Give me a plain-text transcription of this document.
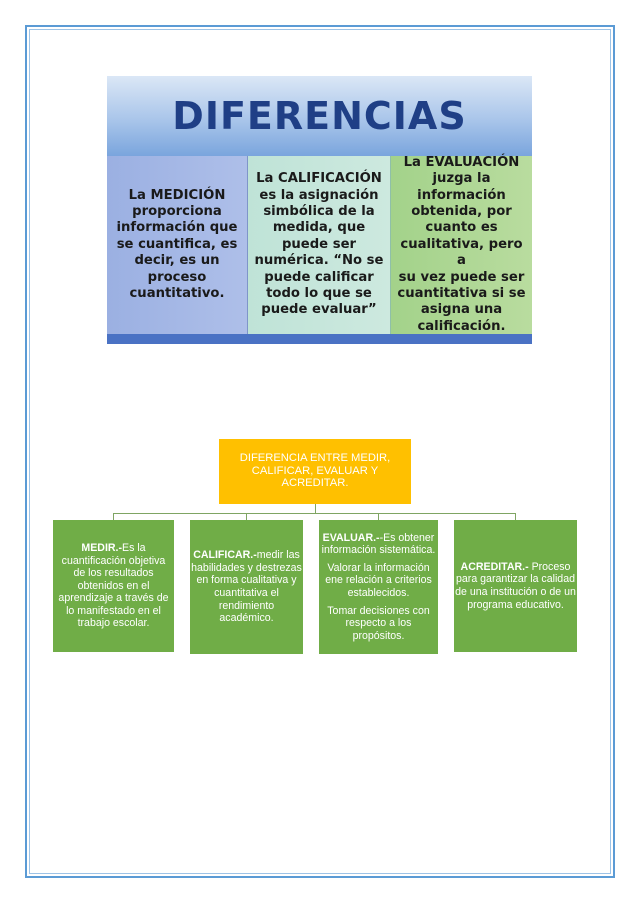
DIFERENCIAS
La MEDICIÓN
proporciona
información que
se cuantifica, es
decir, es un
proceso
cuantitativo.
La CALIFICACIÓN
es la asignación
simbólica de la
medida, que
puede ser
numérica. “No se
puede calificar
todo lo que se
puede evaluar”
La EVALUACIÓN
juzga la
información
obtenida, por
cuanto es
cualitativa, pero a
su vez puede ser
cuantitativa si se
asigna una
calificación.
DIFERENCIA ENTRE MEDIR, CALIFICAR, EVALUAR Y ACREDITAR.

MEDIR.-Es la cuantificación objetiva de los resultados obtenidos en el aprendizaje a través de lo manifestado en el trabajo escolar.

CALIFICAR.-medir las habilidades y destrezas en forma cualitativa y cuantitativa el rendimiento académico.

EVALUAR.--Es obtener información sistemática.

Valorar la información ene relación a criterios establecidos.

Tomar decisiones con respecto a los propósitos.

ACREDITAR.- Proceso para garantizar la calidad de una institución o de un programa educativo.
